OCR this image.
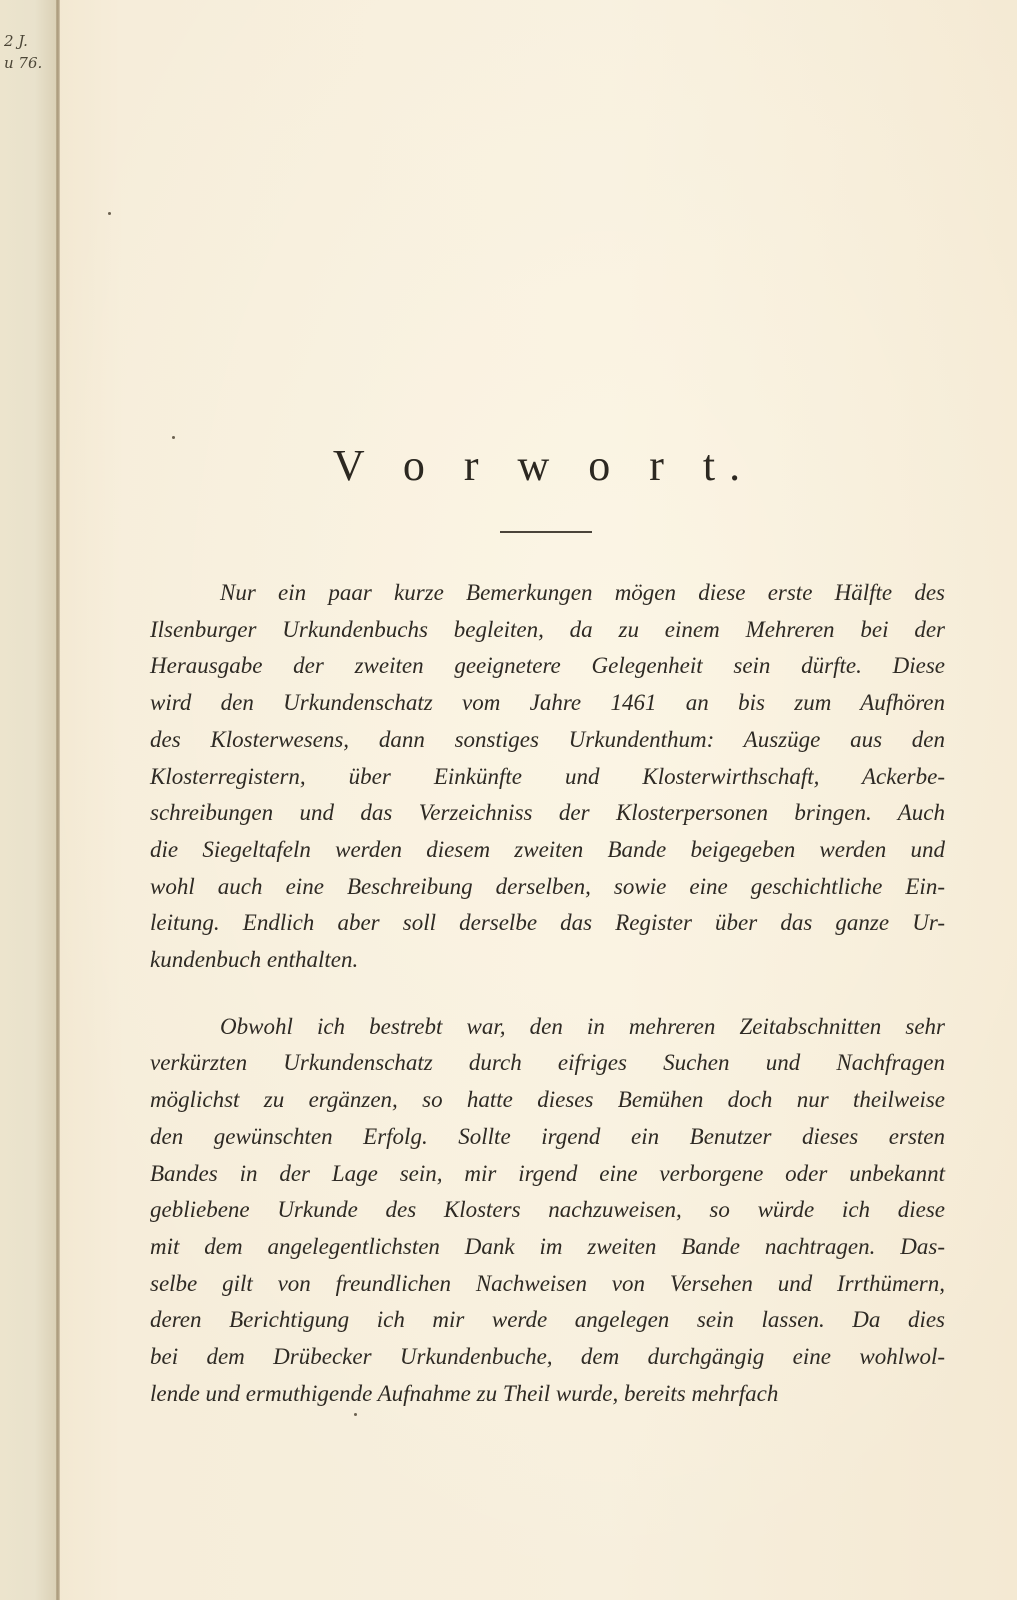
2 J.
u 76.
V o r w o r t.
Nur ein paar kurze Bemerkungen mögen diese erste Hälfte des
Ilsenburger Urkundenbuchs begleiten, da zu einem Mehreren bei der
Herausgabe der zweiten geeignetere Gelegenheit sein dürfte. Diese
wird den Urkundenschatz vom Jahre 1461 an bis zum Aufhören
des Klosterwesens, dann sonstiges Urkundenthum: Auszüge aus den
Klosterregistern, über Einkünfte und Klosterwirthschaft, Ackerbe-
schreibungen und das Verzeichniss der Klosterpersonen bringen. Auch
die Siegeltafeln werden diesem zweiten Bande beigegeben werden und
wohl auch eine Beschreibung derselben, sowie eine geschichtliche Ein-
leitung. Endlich aber soll derselbe das Register über das ganze Ur-
kundenbuch enthalten.
Obwohl ich bestrebt war, den in mehreren Zeitabschnitten sehr
verkürzten Urkundenschatz durch eifriges Suchen und Nachfragen
möglichst zu ergänzen, so hatte dieses Bemühen doch nur theilweise
den gewünschten Erfolg. Sollte irgend ein Benutzer dieses ersten
Bandes in der Lage sein, mir irgend eine verborgene oder unbekannt
gebliebene Urkunde des Klosters nachzuweisen, so würde ich diese
mit dem angelegentlichsten Dank im zweiten Bande nachtragen. Das-
selbe gilt von freundlichen Nachweisen von Versehen und Irrthümern,
deren Berichtigung ich mir werde angelegen sein lassen. Da dies
bei dem Drübecker Urkundenbuche, dem durchgängig eine wohlwol-
lende und ermuthigende Aufnahme zu Theil wurde, bereits mehrfach
